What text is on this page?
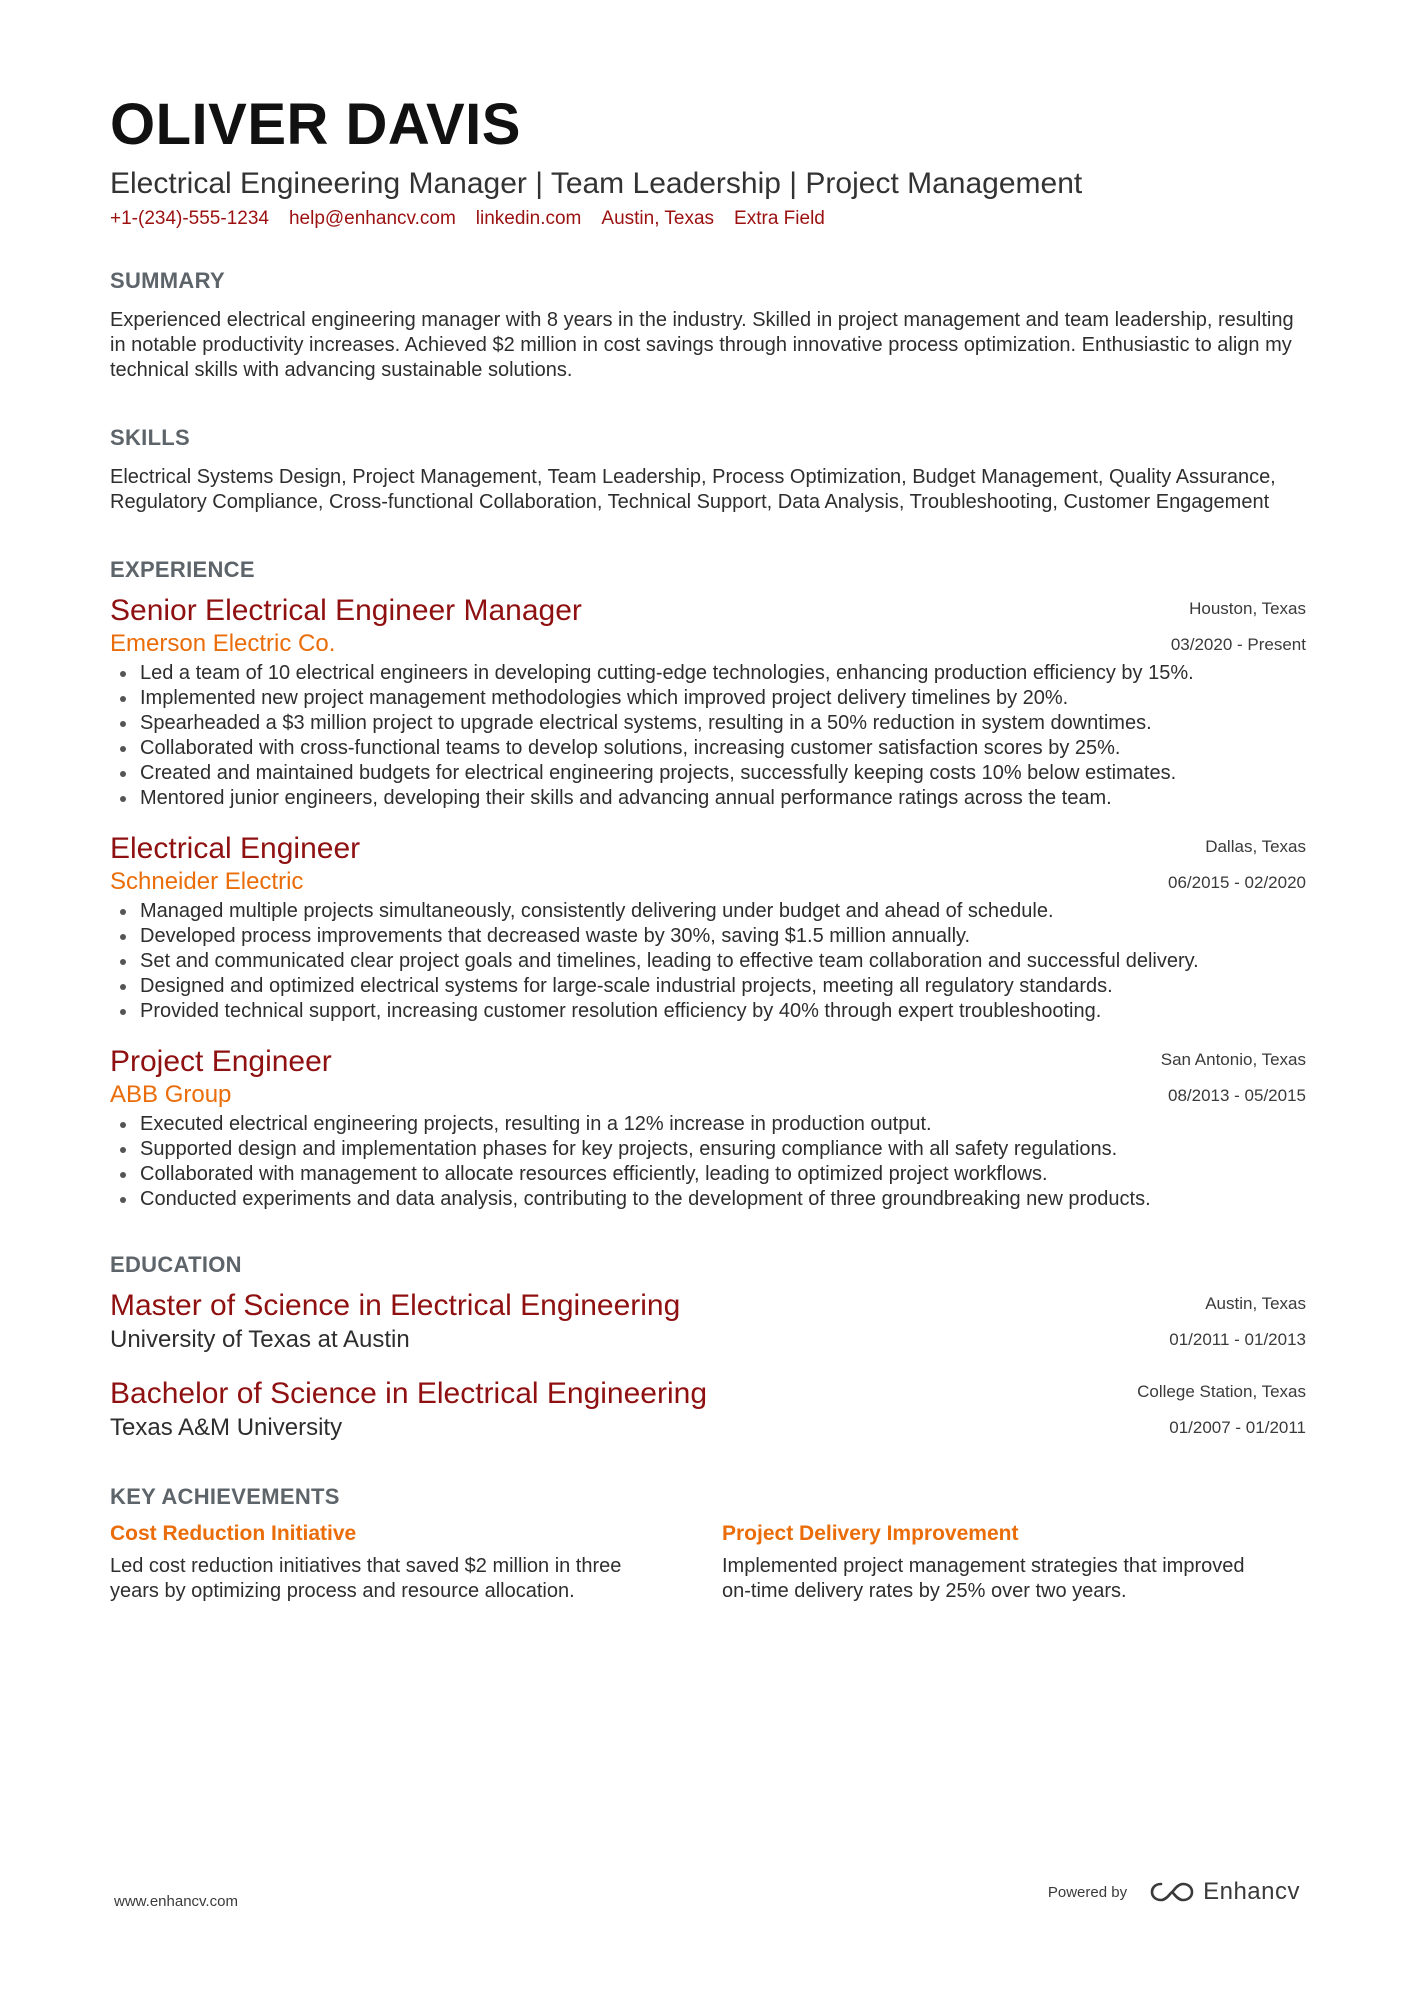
OLIVER DAVIS
Electrical Engineering Manager | Team Leadership | Project Management
+1-(234)-555-1234 help@enhancv.com linkedin.com Austin, Texas Extra Field
SUMMARY

Experienced electrical engineering manager with 8 years in the industry. Skilled in project management and team leadership, resulting in notable productivity increases. Achieved $2 million in cost savings through innovative process optimization. Enthusiastic to align my technical skills with advancing sustainable solutions.

SKILLS

Electrical Systems Design, Project Management, Team Leadership, Process Optimization, Budget Management, Quality Assurance, Regulatory Compliance, Cross-functional Collaboration, Technical Support, Data Analysis, Troubleshooting, Customer Engagement

EXPERIENCE
Senior Electrical Engineer Manager
Emerson Electric Co.
Houston, Texas
03/2020 - Present
• Led a team of 10 electrical engineers in developing cutting-edge technologies, enhancing production efficiency by 15%.
• Implemented new project management methodologies which improved project delivery timelines by 20%.
• Spearheaded a $3 million project to upgrade electrical systems, resulting in a 50% reduction in system downtimes.
• Collaborated with cross-functional teams to develop solutions, increasing customer satisfaction scores by 25%.
• Created and maintained budgets for electrical engineering projects, successfully keeping costs 10% below estimates.
• Mentored junior engineers, developing their skills and advancing annual performance ratings across the team.
Electrical Engineer
Schneider Electric
Dallas, Texas
06/2015 - 02/2020
• Managed multiple projects simultaneously, consistently delivering under budget and ahead of schedule.
• Developed process improvements that decreased waste by 30%, saving $1.5 million annually.
• Set and communicated clear project goals and timelines, leading to effective team collaboration and successful delivery.
• Designed and optimized electrical systems for large-scale industrial projects, meeting all regulatory standards.
• Provided technical support, increasing customer resolution efficiency by 40% through expert troubleshooting.
Project Engineer
ABB Group
San Antonio, Texas
08/2013 - 05/2015
• Executed electrical engineering projects, resulting in a 12% increase in production output.
• Supported design and implementation phases for key projects, ensuring compliance with all safety regulations.
• Collaborated with management to allocate resources efficiently, leading to optimized project workflows.
• Conducted experiments and data analysis, contributing to the development of three groundbreaking new products.
EDUCATION
Master of Science in Electrical Engineering
University of Texas at Austin
Austin, Texas
01/2011 - 01/2013
Bachelor of Science in Electrical Engineering
Texas A&M University
College Station, Texas
01/2007 - 01/2011
KEY ACHIEVEMENTS
Cost Reduction Initiative

Led cost reduction initiatives that saved $2 million in three years by optimizing process and resource allocation.

Project Delivery Improvement

Implemented project management strategies that improved on-time delivery rates by 25% over two years.

www.enhancv.com
Powered by	Enhancv
